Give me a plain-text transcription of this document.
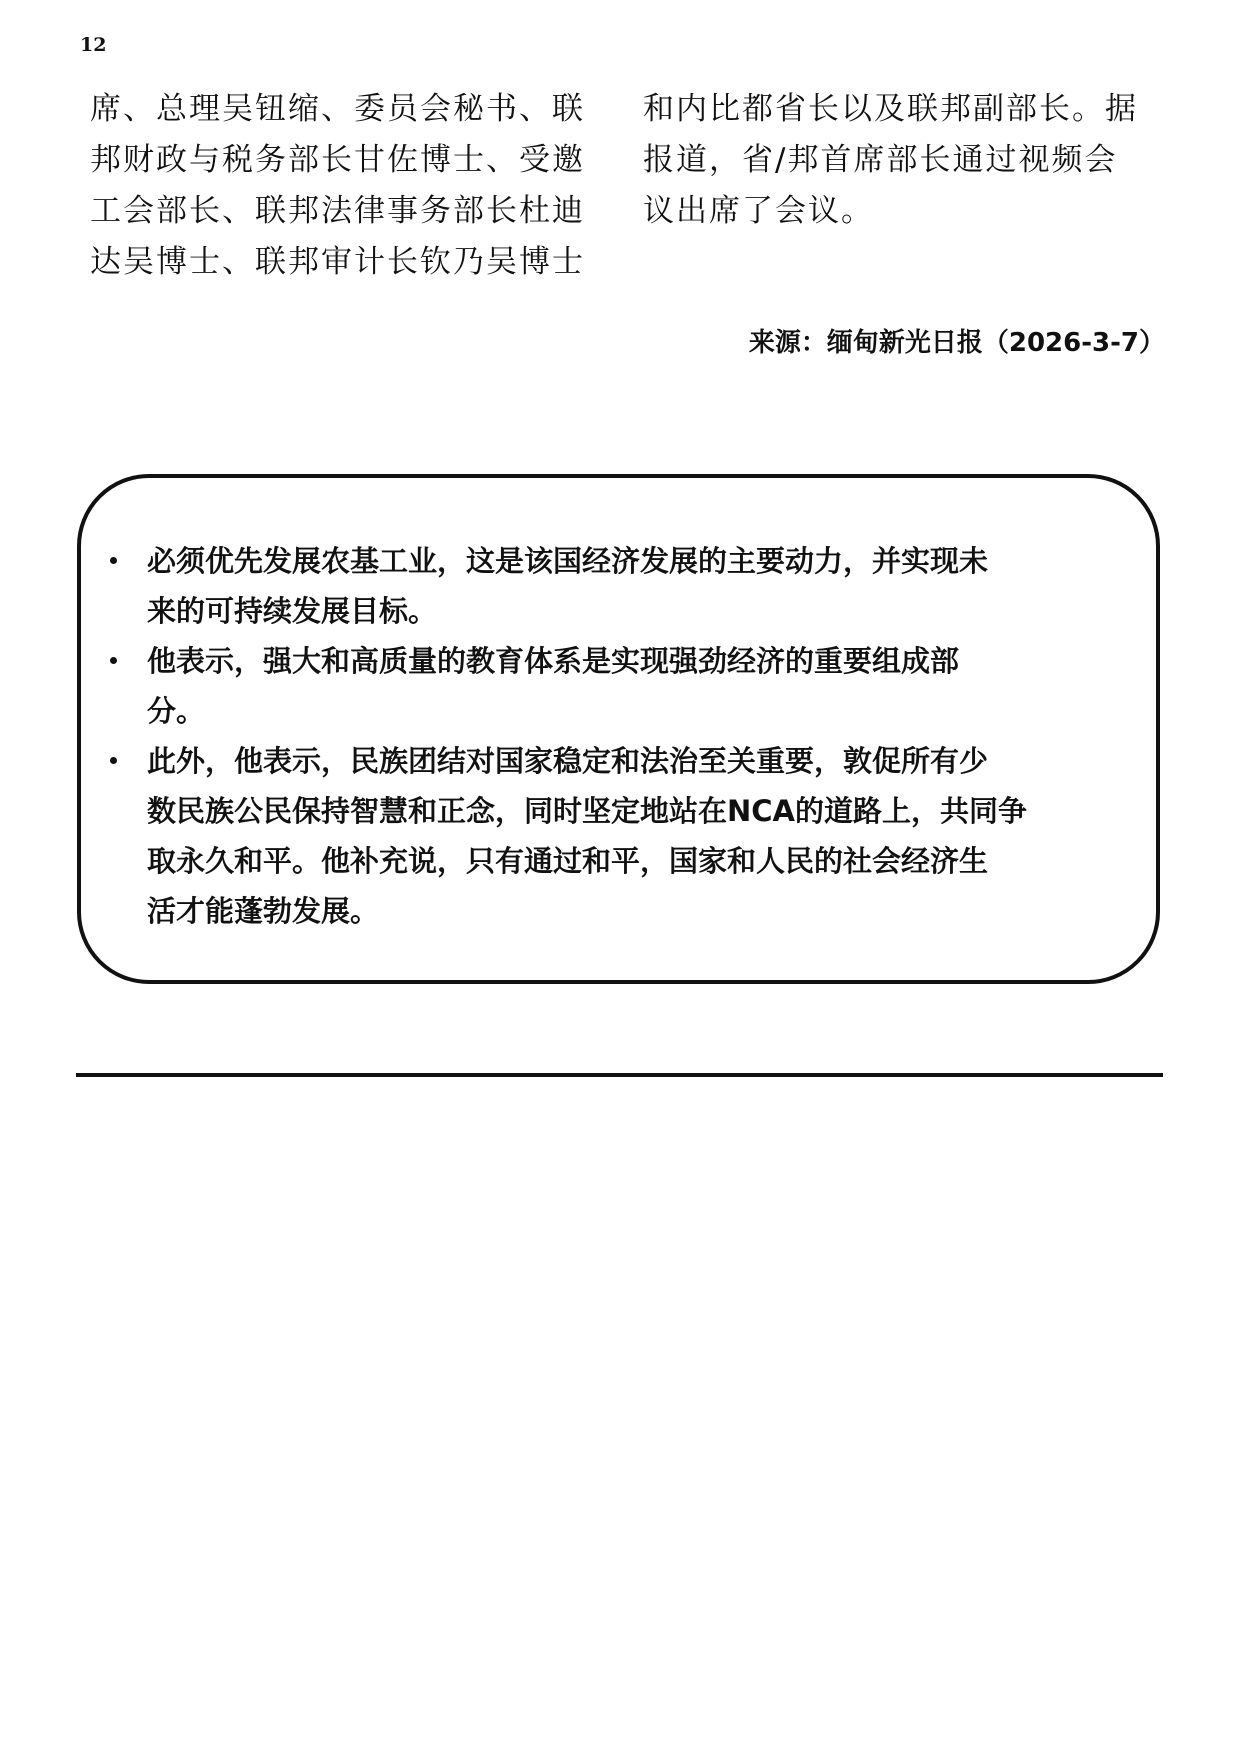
12
席、总理吴钮缩、委员会秘书、联
邦财政与税务部长甘佐博士、受邀
工会部长、联邦法律事务部长杜迪
达吴博士、联邦审计长钦乃吴博士
和内比都省长以及联邦副部长。据
报道，省/邦首席部长通过视频会
议出席了会议。
来源：缅甸新光日报（2026-3-7）
必须优先发展农基工业，这是该国经济发展的主要动力，并实现未
来的可持续发展目标。
他表示，强大和高质量的教育体系是实现强劲经济的重要组成部
分。
此外，他表示，民族团结对国家稳定和法治至关重要，敦促所有少
数民族公民保持智慧和正念，同时坚定地站在NCA的道路上，共同争
取永久和平。他补充说，只有通过和平，国家和人民的社会经济生
活才能蓬勃发展。
